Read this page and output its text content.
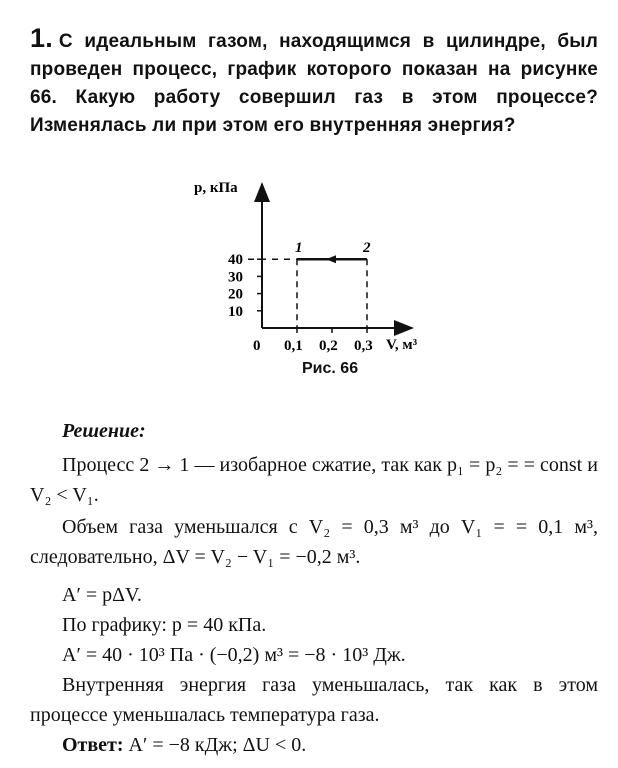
1. С идеальным газом, находящимся в цилиндре, был проведен процесс, график которого показан на рисунке 66. Какую работу совершил газ в этом процессе? Изменялась ли при этом его внутренняя энергия?
p, кПа
V, м³
0
10
20
30
40
0,1 0,2 0,3
1	2
Рис. 66
Решение:

Процесс 2 → 1 — изобарное сжатие, так как p₁ = p₂ = = const и V₂ < V₁.

Объем газа уменьшался с V₂ = 0,3 м³ до V₁ = = 0,1 м³, следовательно, ΔV = V₂ − V₁ = −0,2 м³.

A′ = pΔV.

По графику: p = 40 кПа.

A′ = 40 · 10³ Па · (−0,2) м³ = −8 · 10³ Дж.

Внутренняя энергия газа уменьшалась, так как в этом процессе уменьшалась температура газа.

Ответ: A′ = −8 кДж; ΔU < 0.
